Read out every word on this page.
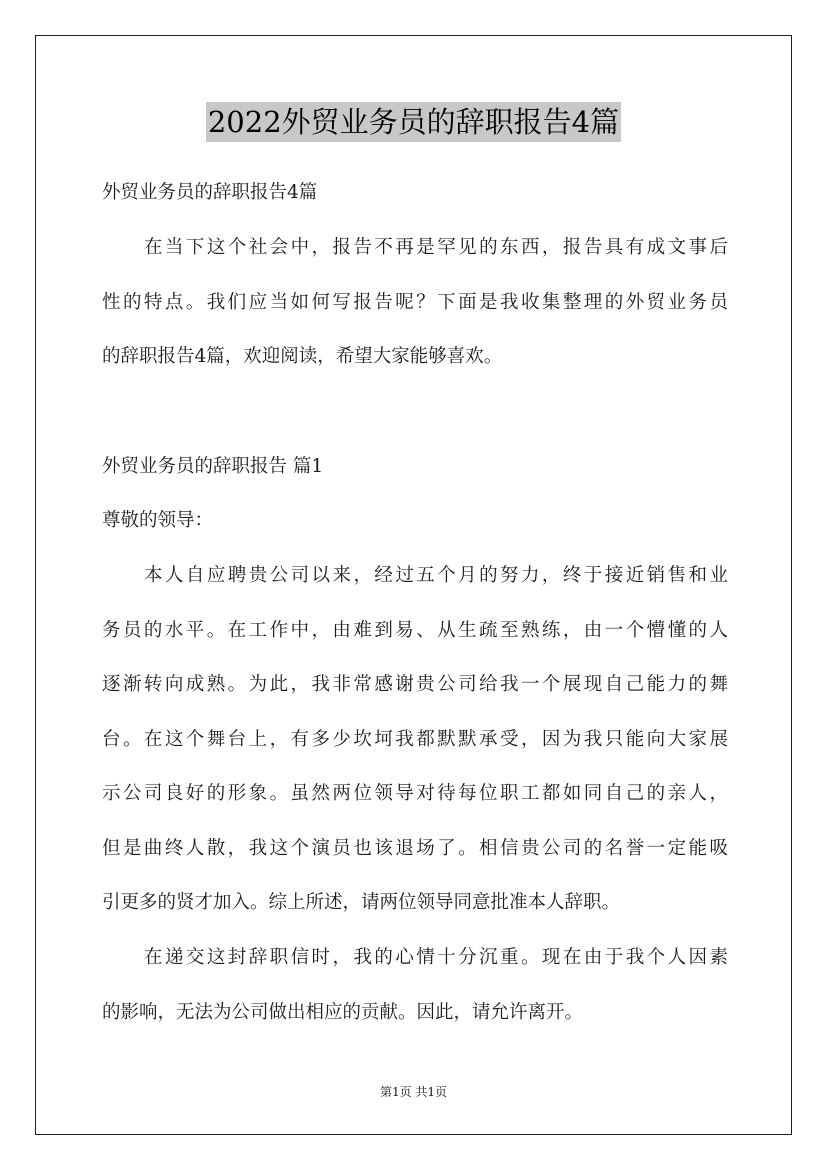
2022外贸业务员的辞职报告4篇
外贸业务员的辞职报告4篇
在当下这个社会中，报告不再是罕见的东西，报告具有成文事后
性的特点。我们应当如何写报告呢？下面是我收集整理的外贸业务员
的辞职报告4篇，欢迎阅读，希望大家能够喜欢。
外贸业务员的辞职报告 篇1
尊敬的领导：
本人自应聘贵公司以来，经过五个月的努力，终于接近销售和业
务员的水平。在工作中，由难到易、从生疏至熟练，由一个懵懂的人
逐渐转向成熟。为此，我非常感谢贵公司给我一个展现自己能力的舞
台。在这个舞台上，有多少坎坷我都默默承受，因为我只能向大家展
示公司良好的形象。虽然两位领导对待每位职工都如同自己的亲人，
但是曲终人散，我这个演员也该退场了。相信贵公司的名誉一定能吸
引更多的贤才加入。综上所述，请两位领导同意批准本人辞职。
在递交这封辞职信时，我的心情十分沉重。现在由于我个人因素
的影响，无法为公司做出相应的贡献。因此，请允许离开。
第1页 共1页
